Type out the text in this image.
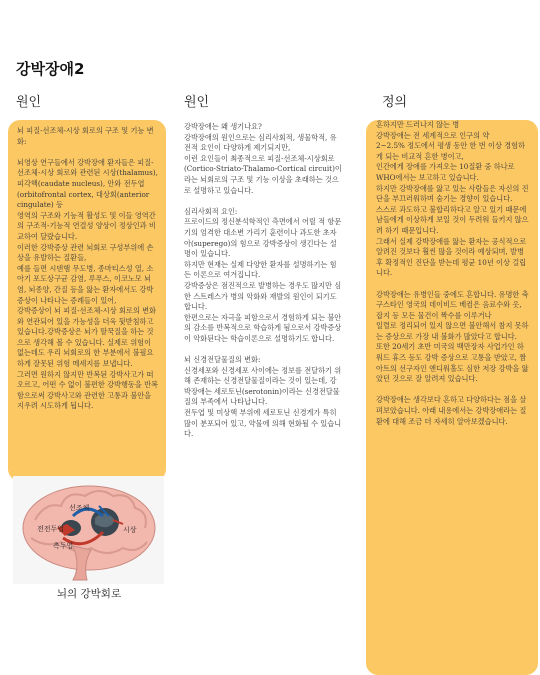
강박장애2
원인	원인	정의

뇌 피질-선조체-시상 회로의 구조 및 기능 변화:

뇌영상 연구들에서 강박장애 환자들은 피질-선조체-시상 회로와 관련된 시상(thalamus), 피각핵(caudate nucleus), 안와 전두엽(orbitofrontal cortex, 대상회(anterior cingulate) 등
영역의 구조와 기능적 활성도 및 이들 영역간의 구조적-기능적 연결성 양상이 정상인과 비교하여 달랐습니다.
이러한 강박증상 관련 뇌회로 구성부위에 손상을 유발하는 질환들,
예를 들면 시덴햄 무도병, 종마티스성 열, 소아기 포도상구균 감염, 루푸스, 이코노모 뇌염, 뇌종양, 간질 등을 앓는 환자에서도 강박 증상이 나타나는 증례들이 있어,
강박증상이 뇌 피질-선조체-시상 회로의 변화와 연관되어 있을 가능성을 더욱 뒷받침하고 있습니다.강박증상은 뇌가 딸꾹질을 하는 것으로 생각해 볼 수 있습니다. 실제로 위험이 없는데도 우리 뇌회로의 한 부분에서 불필요하게 잘못된 위험 메세지를 보냅니다.
그러면 원하지 않지만 반복된 강박사고가 떠오르고, 어떤 수 없이 불편한 강박행동을 반복함으로써 강박사고와 관련한 고통과 불안을 지우려 시도하게 됩니다.

선조체
전전두엽
측두엽
시상
뇌의 강박회로

강박장애는 왜 생기나요?
강박장애의 원인으로는 심리사회적, 생물학적, 유전적 요인이 다양하게 제기되지만,
이런 요인들이 최종적으로 피질-선조체-시상회로(Cortico-Striato-Thalamo-Cortical circuit)이라는 뇌회로의 구조 및 기능 이상을 초래하는 것으로 설명하고 있습니다.

심리사회적 요인:
프로이드의 정신분석학적인 측면에서 어릴 적 항문기의 엄격한 대소변 가리기 훈련이나 과도한 초자아(superego)의 힘으로 강박증상이 생긴다는 설명이 있습니다.
하지만 현재는 실제 다양한 환자를 설명하기는 힘든 이론으로 여겨집니다.
강박증상은 점진적으로 발병하는 경우도 많지만 심한 스트레스가 병의 악화와 재발의 원인이 되기도 합니다.
한편으로는 자극을 피함으로서 경험하게 되는 불안의 감소를 반복적으로 학습하게 됨으로서 강박증상이 악화된다는 학습이론으로 설명하기도 합니다.

뇌 신경전달물질의 변화:
신경세포와 신경세포 사이에는 정보를 전달하기 위해 존재하는 신경전달물질이라는 것이 있는데, 강박장애는 세로토닌(serotonin)이라는 신경전달물질의 부족에서 나타납니다.
전두엽 및 미상핵 부위에 세로토닌 신경게가 특히 많이 분포되어 있고, 약물에 의해 현화될 수 있습니다.

흔하지만 드러나지 않는 병
강박장애는 전 세계적으로 인구의 약
2~2.5% 정도에서 평생 동안 한 번 이상 경험하게 되는 비교적 흔한 병이고,
인간에게 장애를 가져오는 10질환 중 하나로 WHO에서는 보고하고 있습니다.
하지만 강박장애를 앓고 있는 사람들은 자신의 진단을 부끄러워하며 숨기는 경향이 있습니다.
스스로 과도하고 불합리하다고 알고 있기 때문에 남들에게 이상하게 보일 것이 두려워 들키지 않으려 하기 때문입니다.
그래서 실제 강박장애를 앓는 환자는 공식적으로 알려진 것보다 훨씬 많을 것이라 예상되며, 발병 후 확정적인 진단을 받는데 평균 10년 이상 걸립니다.

강박장애는 유병인들 중에도 흔합니다. 유명한 축구스타인 영국의 데이비드 베컴은 음료수와 옷, 잡지 등 모든 물건이 짝수를 이루거나
일렬로 정리되어 있지 않으면 불안해서 참지 못하는 증상으로 가장 내 불화가 많았다고 합니다.
또한 20세기 초반 미국의 백만장자 사업가인 하워드 휴즈 등도 강박 증상으로 고통을 받았고, 짬아트의 선구자인 앤디워홀도 심한 저장 강박을 앓았던 것으로 잘 알려져 있습니다.

강박장애는 생각보다 흔하고 다양하다는 점을 살펴보았습니다. 아래 내용에서는 강박장애라는 질환에 대해 조금 더 자세히 알아보겠습니다.
